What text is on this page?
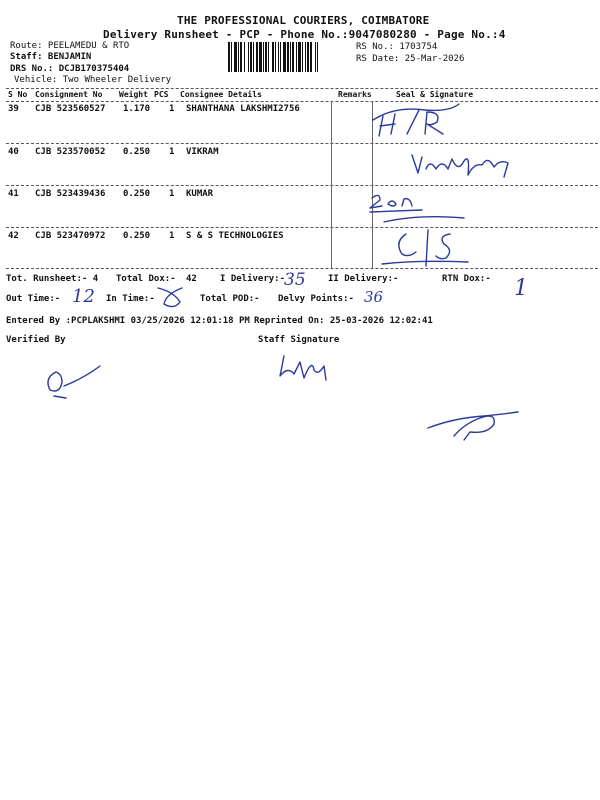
THE PROFESSIONAL COURIERS, COIMBATORE
Delivery Runsheet - PCP - Phone No.:9047080280 - Page No.:4
Route: PEELAMEDU & RTO
Staff: BENJAMIN
DRS No.: DCJB170375404
Vehicle: Two Wheeler Delivery
RS No.: 1703754
RS Date: 25-Mar-2026
S No Consignment No Weight PCS Consignee Details	Remarks	Seal & Signature
39 CJB 523560527 1.170 1 SHANTHANA LAKSHMI2756
40 CJB 523570052 0.250 1 VIKRAM
41 CJB 523439436 0.250 1 KUMAR
42 CJB 523470972 0.250 1 S & S TECHNOLOGIES
Tot. Runsheet:- 4 Total Dox:- 42	I Delivery:-	II Delivery:-	RTN Dox:-
Out Time:-	In Time:-	Total POD:- Delvy Points:-
35
36
12	1
Entered By :PCPLAKSHMI 03/25/2026 12:01:18 PM Reprinted On: 25-03-2026 12:02:41
Verified By	Staff Signature
